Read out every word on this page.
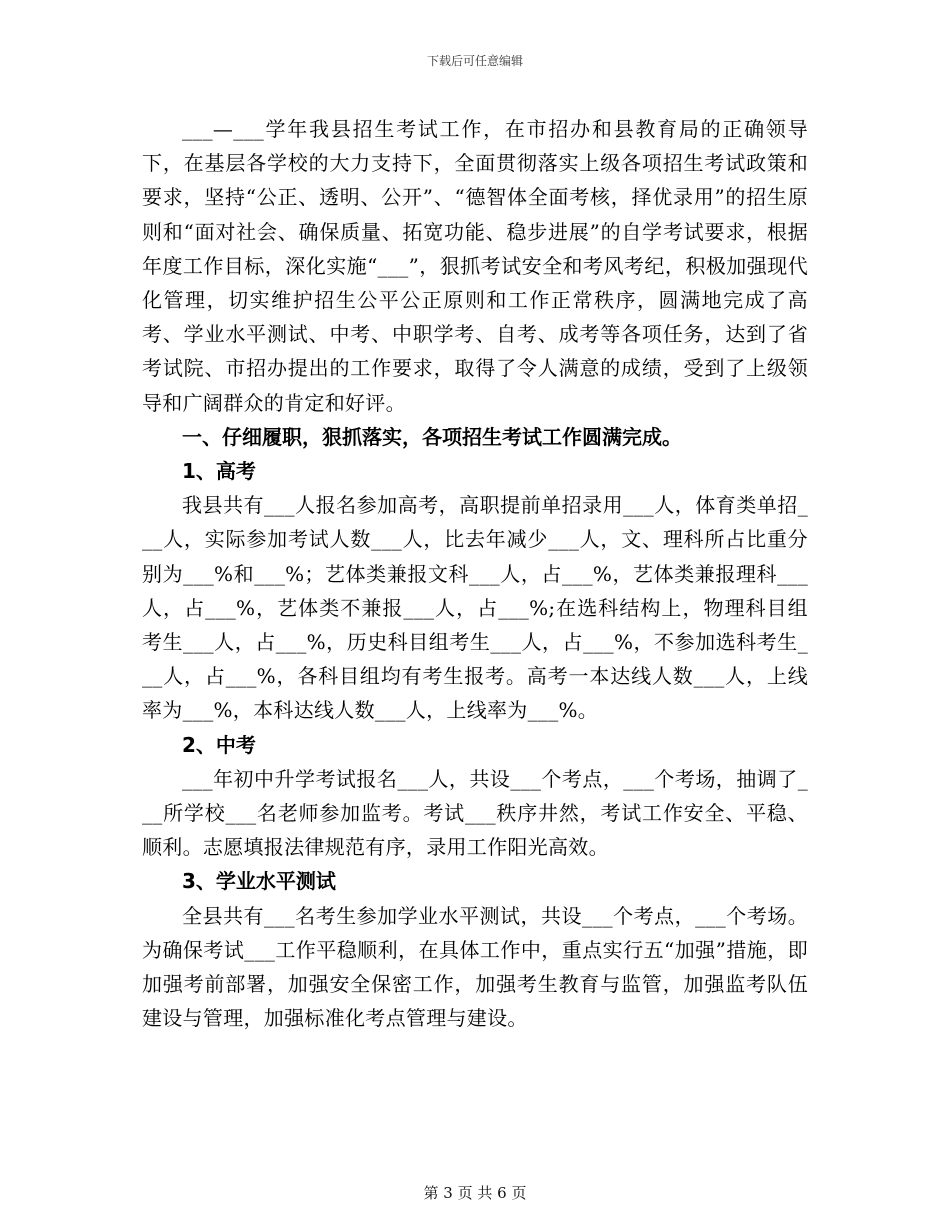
下载后可任意编辑

___—___学年我县招生考试工作，在市招办和县教育局的正确领导下，在基层各学校的大力支持下，全面贯彻落实上级各项招生考试政策和要求，坚持“公正、透明、公开”、“德智体全面考核，择优录用”的招生原则和“面对社会、确保质量、拓宽功能、稳步进展”的自学考试要求，根据年度工作目标，深化实施“___”，狠抓考试安全和考风考纪，积极加强现代化管理，切实维护招生公平公正原则和工作正常秩序，圆满地完成了高考、学业水平测试、中考、中职学考、自考、成考等各项任务，达到了省考试院、市招办提出的工作要求，取得了令人满意的成绩，受到了上级领导和广阔群众的肯定和好评。

一、仔细履职，狠抓落实，各项招生考试工作圆满完成。

1、高考

我县共有___人报名参加高考，高职提前单招录用___人，体育类单招___人，实际参加考试人数___人，比去年减少___人，文、理科所占比重分别为___%和___%；艺体类兼报文科___人，占___%，艺体类兼报理科___人，占___%，艺体类不兼报___人，占___%;在选科结构上，物理科目组考生___人，占___%，历史科目组考生___人，占___%，不参加选科考生___人，占___%，各科目组均有考生报考。高考一本达线人数___人，上线率为___%，本科达线人数___人，上线率为___%。

2、中考

___年初中升学考试报名___人，共设___个考点，___个考场，抽调了___所学校___名老师参加监考。考试___秩序井然，考试工作安全、平稳、顺利。志愿填报法律规范有序，录用工作阳光高效。

3、学业水平测试

全县共有___名考生参加学业水平测试，共设___个考点，___个考场。为确保考试___工作平稳顺利，在具体工作中，重点实行五“加强”措施，即加强考前部署，加强安全保密工作，加强考生教育与监管，加强监考队伍建设与管理，加强标准化考点管理与建设。

第 3 页 共 6 页
